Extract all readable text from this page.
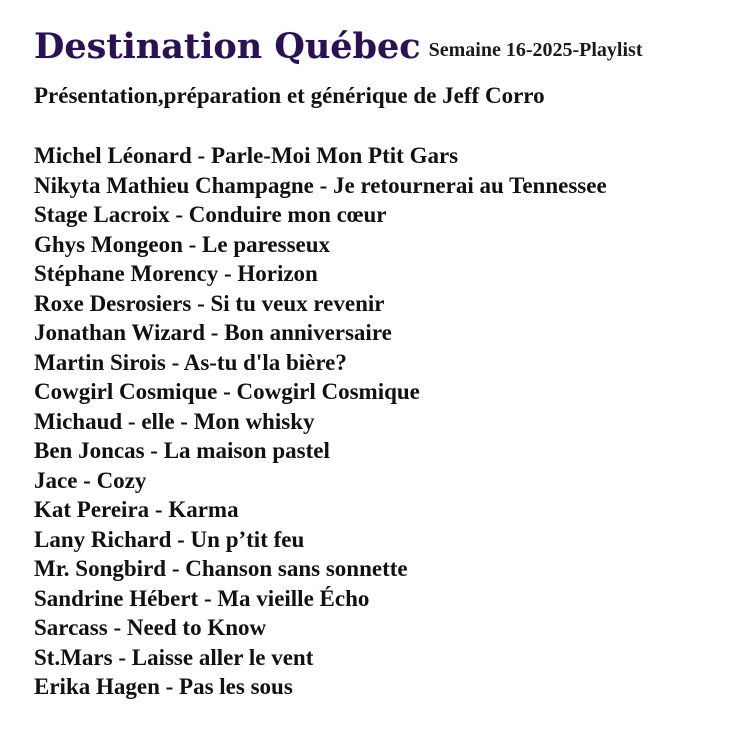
Destination Québec Semaine 16-2025-Playlist
Présentation,préparation et générique de Jeff Corro
Michel Léonard - Parle-Moi Mon Ptit Gars
Nikyta Mathieu Champagne - Je retournerai au Tennessee
Stage Lacroix - Conduire mon cœur
Ghys Mongeon - Le paresseux
Stéphane Morency - Horizon
Roxe Desrosiers - Si tu veux revenir
Jonathan Wizard - Bon anniversaire
Martin Sirois - As-tu d'la bière?
Cowgirl Cosmique - Cowgirl Cosmique
Michaud - elle - Mon whisky
Ben Joncas - La maison pastel
Jace - Cozy
Kat Pereira - Karma
Lany Richard - Un p’tit feu
Mr. Songbird - Chanson sans sonnette
Sandrine Hébert - Ma vieille Écho
Sarcass - Need to Know
St.Mars - Laisse aller le vent
Erika Hagen - Pas les sous
